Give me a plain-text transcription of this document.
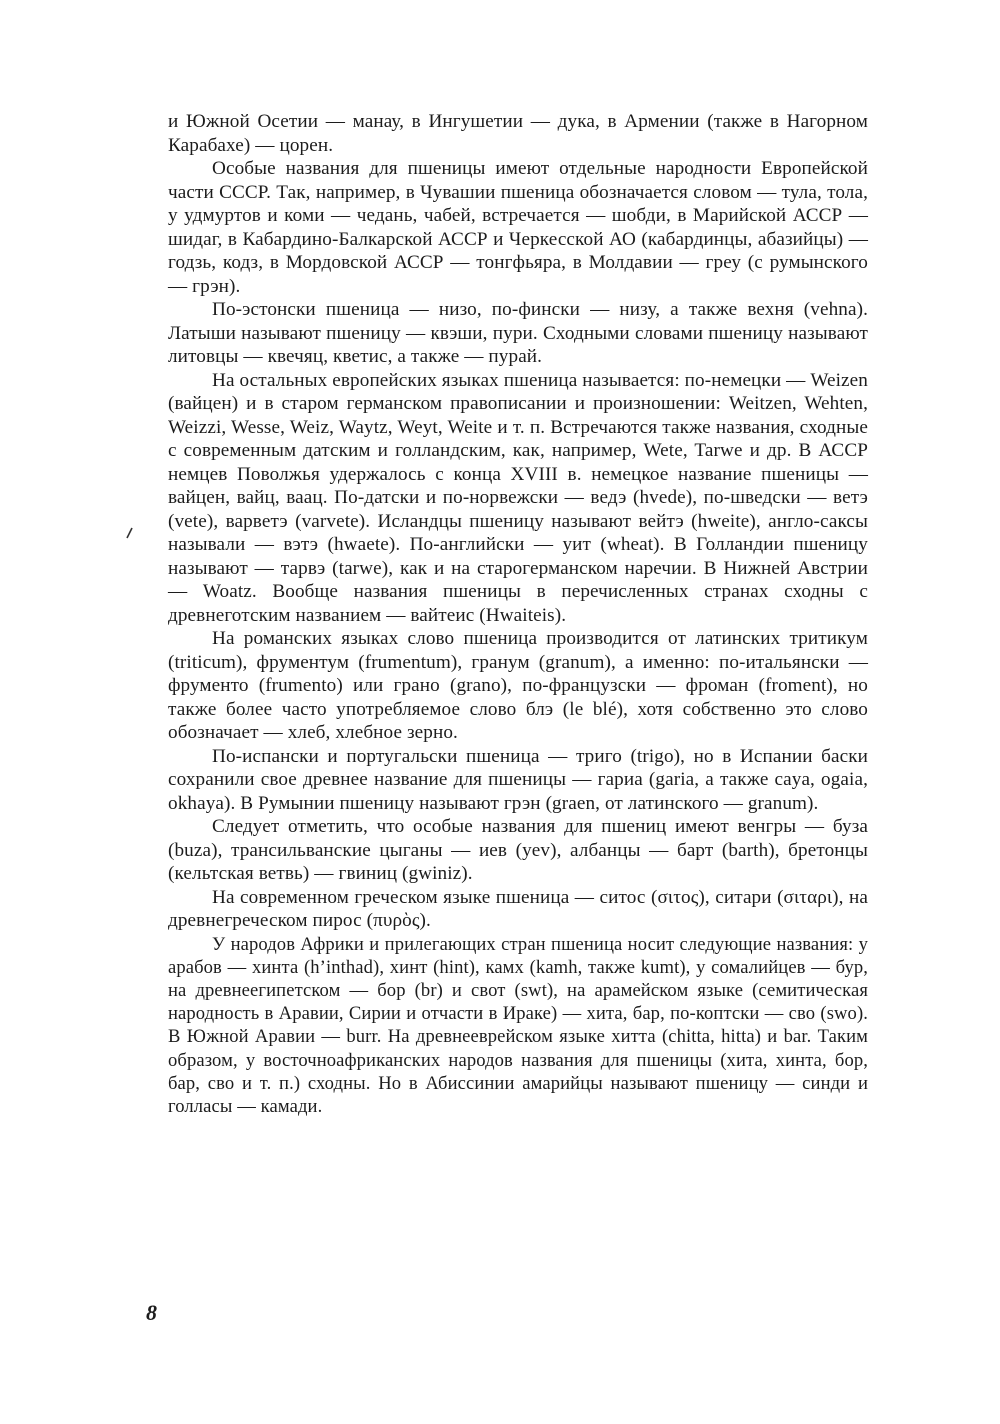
и Южной Осетии — манау, в Ингушетии — дука, в Армении (также в Нагорном Карабахе) — цорен.

Особые названия для пшеницы имеют отдельные народности Европейской части СССР. Так, например, в Чувашии пшеница обозначается словом — тула, тола, у удмуртов и коми — чедань, чабей, встречается — шобди, в Марийской АССР — шидаг, в Кабардино-Балкарской АССР и Черкесской АО (кабардинцы, абазийцы) — годзь, кодз, в Мордовской АССР — тонгфьяра, в Молдавии — греу (с румынского — грэн).

По-эстонски пшеница — низо, по-фински — низу, а также вехня (vehna). Латыши называют пшеницу — квэши, пури. Сходными словами пшеницу называют литовцы — квечяц, кветис, а также — пурай.

На остальных европейских языках пшеница называется: по-немецки — Weizen (вайцен) и в старом германском правописании и произношении: Weitzen, Wehten, Weizzi, Wesse, Weiz, Waytz, Weyt, Weite и т. п. Встречаются также названия, сходные с современным датским и голландским, как, например, Wete, Tarwe и др. В АССР немцев Поволжья удержалось с конца XVIII в. немецкое название пшеницы — вайцен, вайц, ваац. По-датски и по-норвежски — ведэ (hvede), по-шведски — ветэ (vete), варветэ (varvete). Исландцы пшеницу называют вейтэ (hweite), англо-саксы называли — вэтэ (hwaete). По-английски — уит (wheat). В Голландии пшеницу называют — тарвэ (tarwe), как и на старогерманском наречии. В Нижней Австрии — Woatz. Вообще названия пшеницы в перечисленных странах сходны с древнеготским названием — вайтеис (Hwaiteis).

На романских языках слово пшеница производится от латинских тритикум (triticum), фрументум (frumentum), гранум (granum), а именно: по-итальянски — фрументо (frumento) или грано (grano), по-французски — фроман (froment), но также более часто употребляемое слово блэ (le blé), хотя собственно это слово обозначает — хлеб, хлебное зерно.

По-испански и португальски пшеница — триго (trigo), но в Испании баски сохранили свое древнее название для пшеницы — гариа (garia, а также caya, ogaia, okhaya). В Румынии пшеницу называют грэн (graen, от латинского — granum).

Следует отметить, что особые названия для пшениц имеют венгры — буза (buza), трансильванские цыганы — иев (yev), албанцы — барт (barth), бретонцы (кельтская ветвь) — гвиниц (gwiniz).

На современном греческом языке пшеница — ситос (σιτος), ситари (σιταρι), на древнегреческом пирос (πυρὸς).

У народов Африки и прилегающих стран пшеница носит следующие названия: у арабов — хинта (h’inthad), хинт (hint), камх (kamh, также kumt), у сомалийцев — бур, на древнеегипетском — бор (br) и свот (swt), на арамейском языке (семитическая народность в Аравии, Сирии и отчасти в Ираке) — хита, бар, по-коптски — сво (swo). В Южной Аравии — burr. На древнееврейском языке хитта (chitta, hitta) и bar. Таким образом, у восточноафриканских народов названия для пшеницы (хита, хинта, бор, бар, сво и т. п.) сходны. Но в Абиссинии амарийцы называют пшеницу — синди и голласы — камади.

8
